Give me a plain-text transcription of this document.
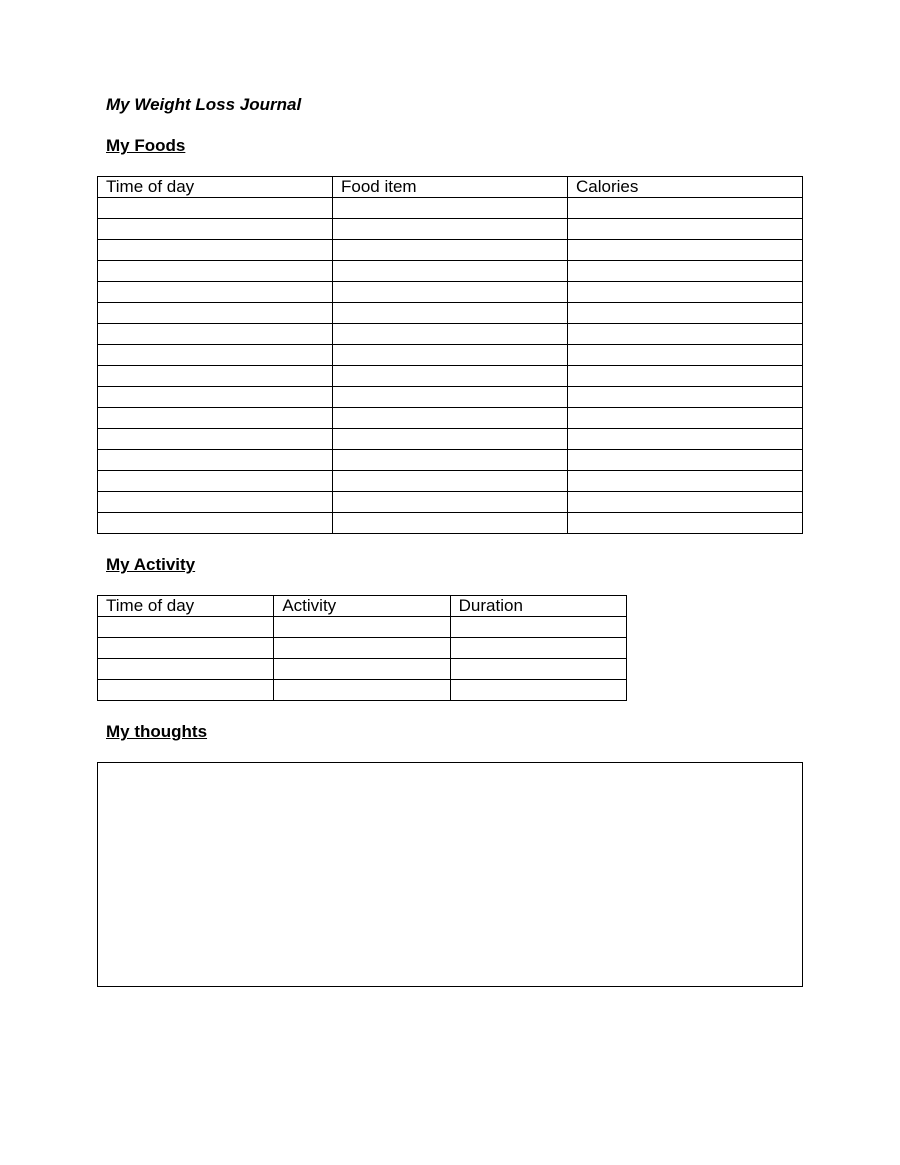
My Weight Loss Journal
My Foods
Time of day	Food item	Calories

My Activity
Time of day	Activity	Duration

My thoughts
